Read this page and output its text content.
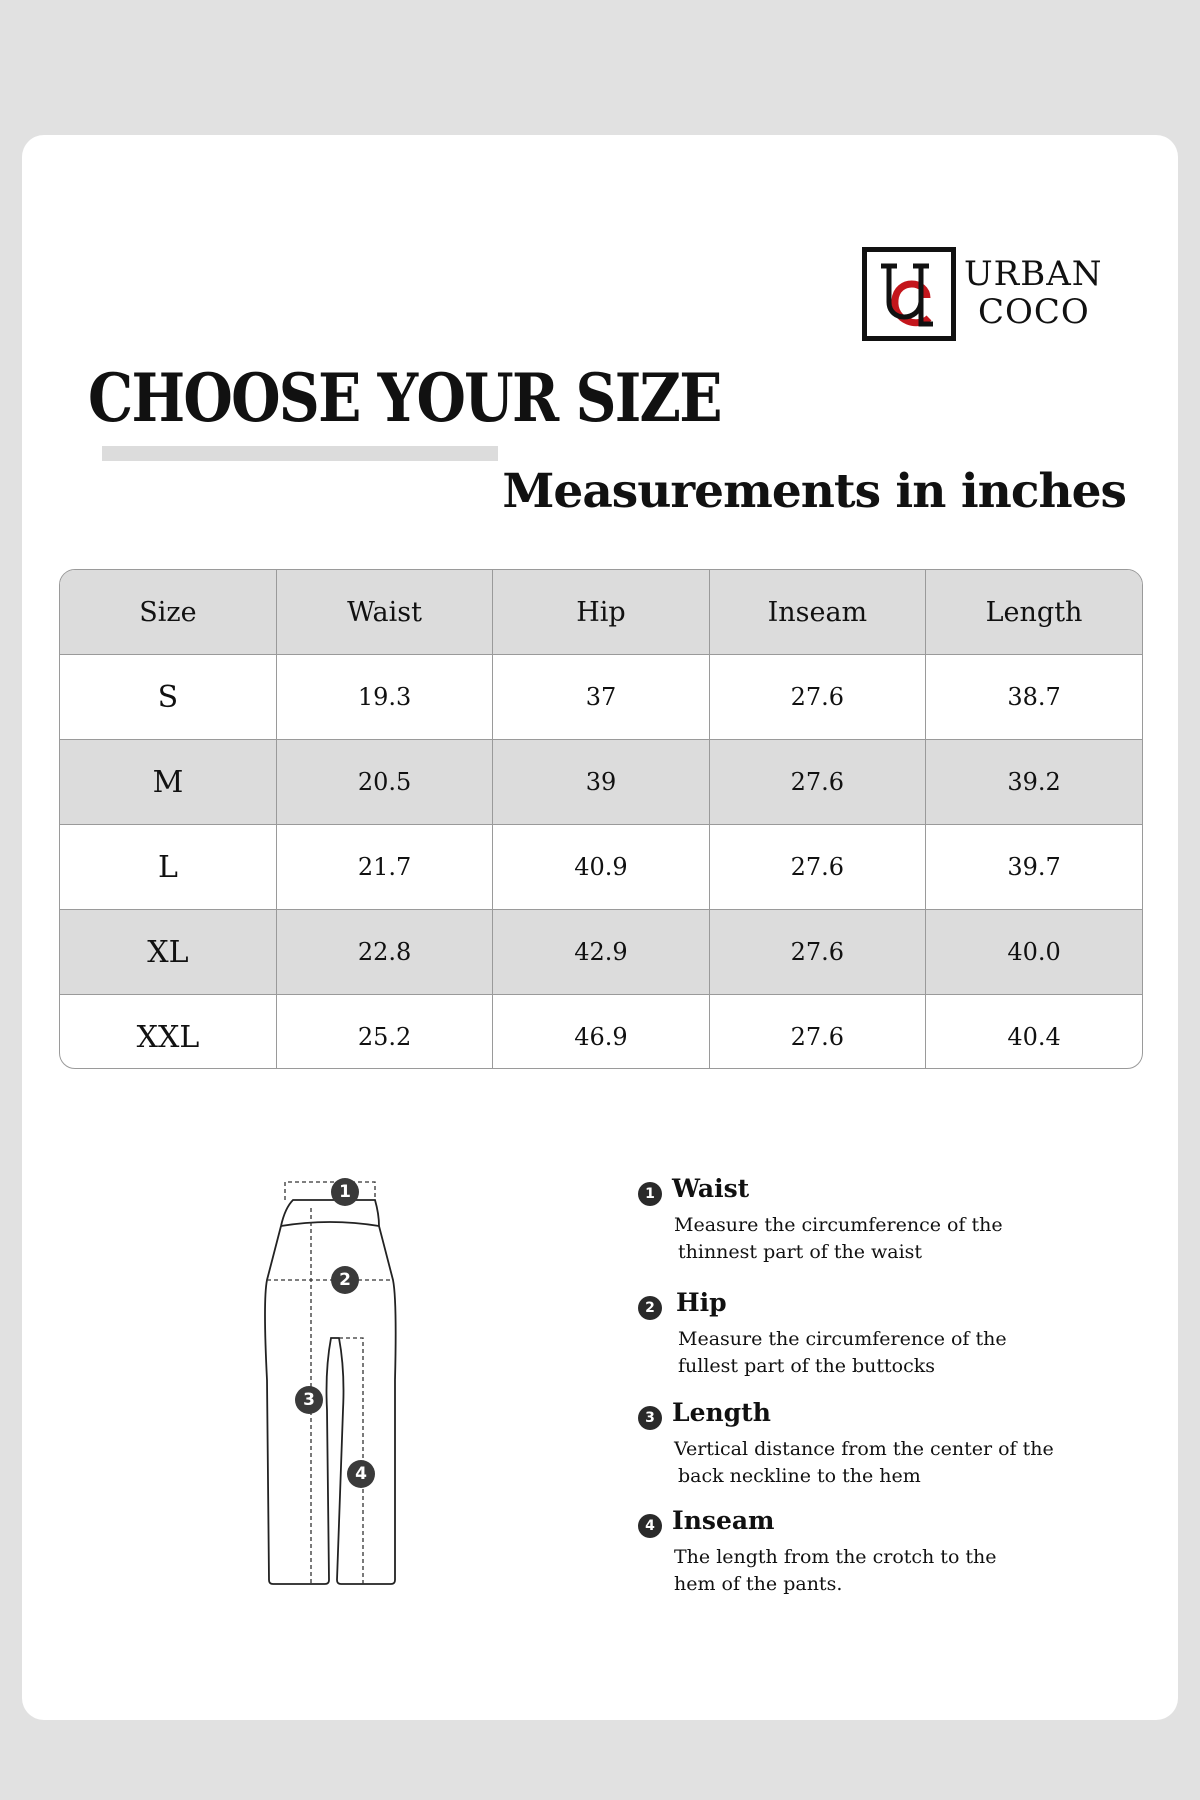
URBAN
COCO
CHOOSE YOUR SIZE
Measurements in inches
Size	Waist	Hip	Inseam	Length
S	19.3	37	27.6	38.7
M	20.5	39	27.6	39.2
L	21.7	40.9	27.6	39.7
XL	22.8	42.9	27.6	40.0
XXL	25.2	46.9	27.6	40.4
1
2
3
4
1 Waist
Measure the circumference of the
thinnest part of the waist
2 Hip
Measure the circumference of the
fullest part of the buttocks
3 Length
Vertical distance from the center of the
back neckline to the hem
4 Inseam
The length from the crotch to the
hem of the pants.
